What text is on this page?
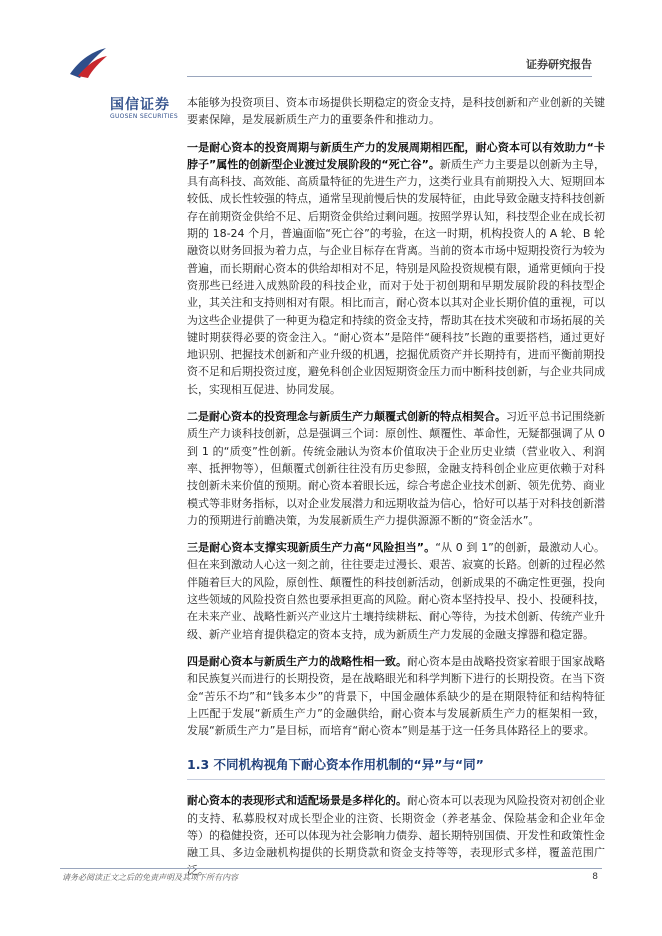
国信证券
GUOSEN SECURITIES
证券研究报告

本能够为投资项目、资本市场提供长期稳定的资金支持，是科技创新和产业创新的关键要素保障，是发展新质生产力的重要条件和推动力。

一是耐心资本的投资周期与新质生产力的发展周期相匹配，耐心资本可以有效助力“卡脖子”属性的创新型企业渡过发展阶段的“死亡谷”。新质生产力主要是以创新为主导，具有高科技、高效能、高质量特征的先进生产力，这类行业具有前期投入大、短期回本较低、成长性较强的特点，通常呈现前慢后快的发展特征，由此导致金融支持科技创新存在前期资金供给不足、后期资金供给过剩问题。按照学界认知，科技型企业在成长初期的 18-24 个月，普遍面临“死亡谷”的考验，在这一时期，机构投资人的 A 轮、B 轮融资以财务回报为着力点，与企业目标存在背离。当前的资本市场中短期投资行为较为普遍，而长期耐心资本的供给却相对不足，特别是风险投资规模有限，通常更倾向于投资那些已经进入成熟阶段的科技企业，而对于处于初创期和早期发展阶段的科技型企业，其关注和支持则相对有限。相比而言，耐心资本以其对企业长期价值的重视，可以为这些企业提供了一种更为稳定和持续的资金支持，帮助其在技术突破和市场拓展的关键时期获得必要的资金注入。“耐心资本”是陪伴“硬科技”长跑的重要搭档，通过更好地识别、把握技术创新和产业升级的机遇，挖掘优质资产并长期持有，进而平衡前期投资不足和后期投资过度，避免科创企业因短期资金压力而中断科技创新，与企业共同成长，实现相互促进、协同发展。

二是耐心资本的投资理念与新质生产力颠覆式创新的特点相契合。习近平总书记围绕新质生产力谈科技创新，总是强调三个词：原创性、颠覆性、革命性，无疑都强调了从 0 到 1 的“质变”性创新。传统金融认为资本价值取决于企业历史业绩（营业收入、利润率、抵押物等），但颠覆式创新往往没有历史参照，金融支持科创企业应更依赖于对科技创新未来价值的预期。耐心资本着眼长远，综合考虑企业技术创新、领先优势、商业模式等非财务指标，以对企业发展潜力和远期收益为信心，恰好可以基于对科技创新潜力的预期进行前瞻决策，为发展新质生产力提供源源不断的“资金活水”。

三是耐心资本支撑实现新质生产力高“风险担当”。“从 0 到 1”的创新，最激动人心。但在来到激动人心这一刻之前，往往要走过漫长、艰苦、寂寞的长路。创新的过程必然伴随着巨大的风险，原创性、颠覆性的科技创新活动，创新成果的不确定性更强，投向这些领域的风险投资自然也要承担更高的风险。耐心资本坚持投早、投小、投硬科技，在未来产业、战略性新兴产业这片土壤持续耕耘、耐心等待，为技术创新、传统产业升级、新产业培育提供稳定的资本支持，成为新质生产力发展的金融支撑器和稳定器。

四是耐心资本与新质生产力的战略性相一致。耐心资本是由战略投资家着眼于国家战略和民族复兴而进行的长期投资，是在战略眼光和科学判断下进行的长期投资。在当下资金“苦乐不均”和“钱多本少”的背景下，中国金融体系缺少的是在期限特征和结构特征上匹配于发展“新质生产力”的金融供给，耐心资本与发展新质生产力的框架相一致，发展“新质生产力”是目标，而培育“耐心资本”则是基于这一任务具体路径上的要求。

1.3 不同机构视角下耐心资本作用机制的“异”与“同”

耐心资本的表现形式和适配场景是多样化的。耐心资本可以表现为风险投资对初创企业的支持、私募股权对成长型企业的注资、长期资金（养老基金、保险基金和企业年金等）的稳健投资，还可以体现为社会影响力债券、超长期特别国债、开发性和政策性金融工具、多边金融机构提供的长期贷款和资金支持等等，表现形式多样，覆盖范围广泛。

请务必阅读正文之后的免责声明及其项下所有内容	8
